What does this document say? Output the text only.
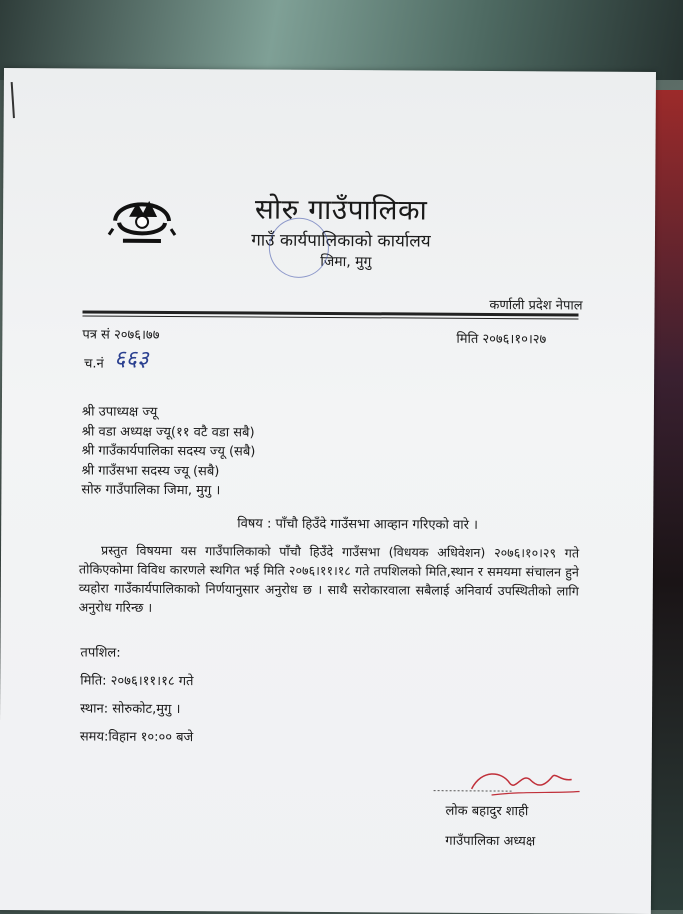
सोरु गाउँपालिका
गाउँ कार्यपालिकाको कार्यालय
जिमा, मुगु
कर्णाली प्रदेश नेपाल
पत्र सं २०७६।७७	मिति २०७६।१०।२७
च.नं ६६३
श्री उपाध्यक्ष ज्यू
श्री वडा अध्यक्ष ज्यू(११ वटै वडा सबै)
श्री गाउँकार्यपालिका सदस्य ज्यू (सबै)
श्री गाउँसभा सदस्य ज्यू (सबै)
सोरु गाउँपालिका जिमा, मुगु ।
विषय : पाँचौ हिउँदे गाउँसभा आव्हान गरिएको वारे ।
प्रस्तुत विषयमा यस गाउँपालिकाको पाँचौ हिउँदे गाउँसभा (विधयक अधिवेशन) २०७६।१०।२९ गते तोकिएकोमा विविध कारणले स्थगित भई मिति २०७६।११।१८ गते तपशिलको मिति,स्थान र समयमा संचालन हुने व्यहोरा गाउँकार्यपालिकाको निर्णयानुसार अनुरोध छ । साथै सरोकारवाला सबैलाई अनिवार्य उपस्थितीको लागि अनुरोध गरिन्छ ।
तपशिल:
मिति: २०७६।११।१८ गते
स्थान: सोरुकोट,मुगु ।
समय:विहान १०:०० बजे
लोक बहादुर शाही
गाउँपालिका अध्यक्ष
